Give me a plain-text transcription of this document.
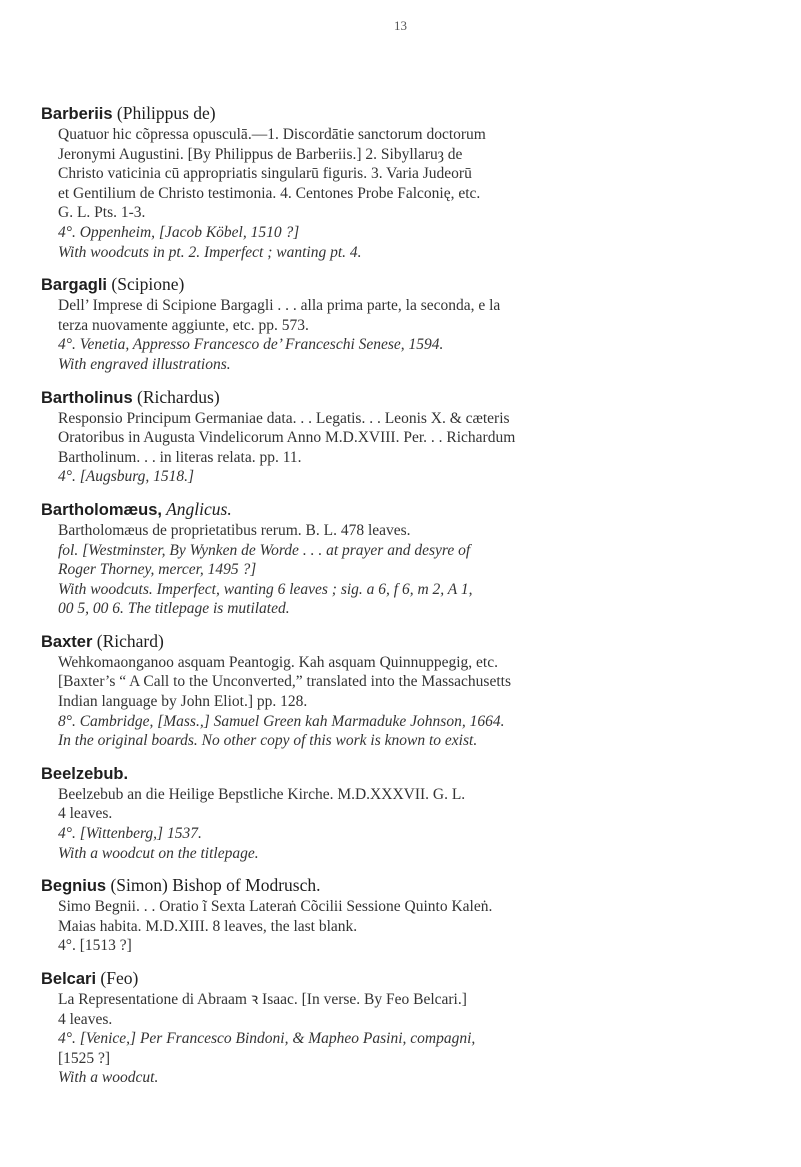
13
Barberiis (Philippus de)
Quatuor hic cõpressa opusculā.—1. Discordātie sanctorum doctorum
Jeronymi Augustini. [By Philippus de Barberiis.] 2. Sibyllaruȝ de
Christo vaticinia cū appropriatis singularū figuris. 3. Varia Judeorū
et Gentilium de Christo testimonia. 4. Centones Probe Falconię, etc.
G. L. Pts. 1-3.
4°. Oppenheim, [Jacob Köbel, 1510 ?]
With woodcuts in pt. 2. Imperfect ; wanting pt. 4.
Bargagli (Scipione)
Dell’ Imprese di Scipione Bargagli . . . alla prima parte, la seconda, e la
terza nuovamente aggiunte, etc. pp. 573.
4°. Venetia, Appresso Francesco de’ Franceschi Senese, 1594.
With engraved illustrations.
Bartholinus (Richardus)
Responsio Principum Germaniae data. . . Legatis. . . Leonis X. & cæteris
Oratoribus in Augusta Vindelicorum Anno M.D.XVIII. Per. . . Richardum
Bartholinum. . . in literas relata. pp. 11.
4°. [Augsburg, 1518.]
Bartholomæus, Anglicus.
Bartholomæus de proprietatibus rerum. B. L. 478 leaves.
fol. [Westminster, By Wynken de Worde . . . at prayer and desyre of
Roger Thorney, mercer, 1495 ?]
With woodcuts. Imperfect, wanting 6 leaves ; sig. a 6, f 6, m 2, A 1,
00 5, 00 6. The titlepage is mutilated.
Baxter (Richard)
Wehkomaonganoo asquam Peantogig. Kah asquam Quinnuppegig, etc.
[Baxter’s “ A Call to the Unconverted,” translated into the Massachusetts
Indian language by John Eliot.] pp. 128.
8°. Cambridge, [Mass.,] Samuel Green kah Marmaduke Johnson, 1664.
In the original boards. No other copy of this work is known to exist.
Beelzebub.
Beelzebub an die Heilige Bepstliche Kirche. M.D.XXXVII. G. L.
4 leaves.
4°. [Wittenberg,] 1537.
With a woodcut on the titlepage.
Begnius (Simon) Bishop of Modrusch.
Simo Begnii. . . Oratio ĩ Sexta Lateraṅ Cõcilii Sessione Quinto Kaleṅ.
Maias habita. M.D.XIII. 8 leaves, the last blank.
4°. [1513 ?]
Belcari (Feo)
La Representatione di Abraam ꝛ Isaac. [In verse. By Feo Belcari.]
4 leaves.
4°. [Venice,] Per Francesco Bindoni, & Mapheo Pasini, compagni,
[1525 ?]
With a woodcut.
